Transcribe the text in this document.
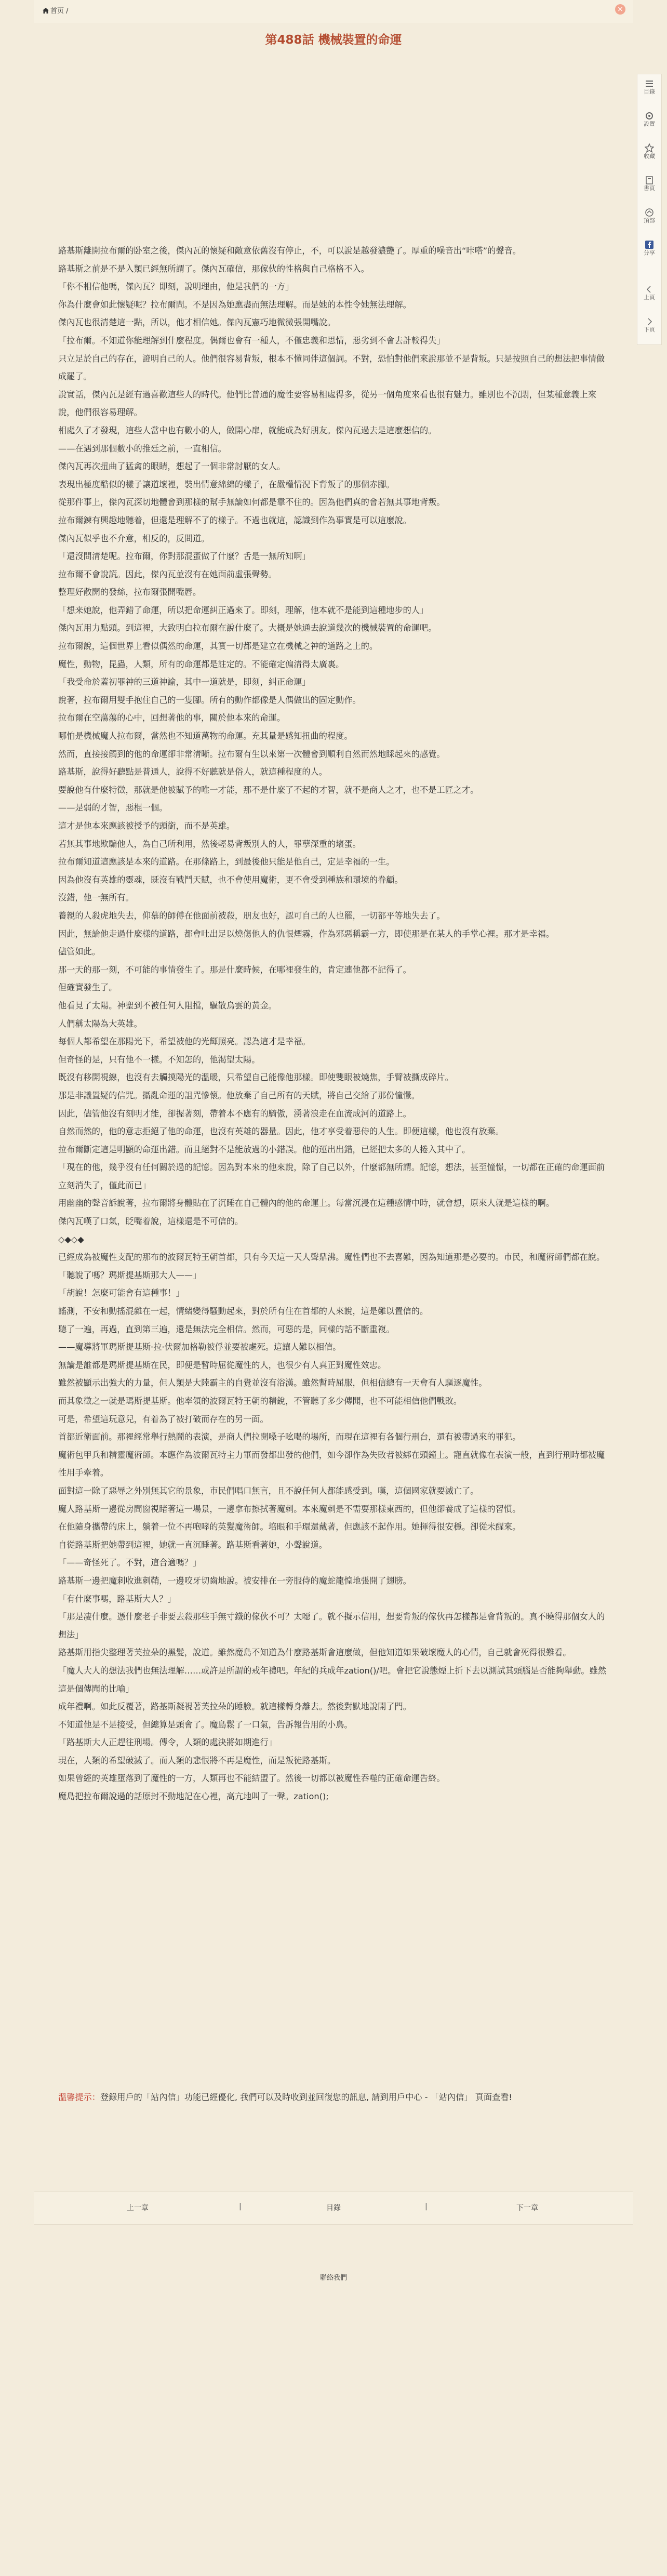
首页 /	×
第488話 機械裝置的命運

路基斯離開拉布爾的卧室之後，傑內瓦的懷疑和敵意依舊沒有停止，不，可以說是越發濃艷了。厚重的噪音出“咔嗒”的聲音。

路基斯之前是不是入類已經無所謂了。傑內瓦確信，那傢伙的性格與自己格格不入。

「你不相信他嗎，傑內瓦？即刻，說明理由，他是我們的一方」

你為什麼會如此懷疑呢？拉布爾問。不是因為她應盡而無法理解。而是她的本性令她無法理解。

傑內瓦也很清楚這一點，所以，他才相信她。傑內瓦憲巧地微微張開嘴說。

「拉布爾。不知道你能理解到什麼程度。偶爾也會有一種人，不僅忠義和思情，惡劣到不會去計較得失」

只立足於自己的存在，證明自己的人。他們很容易背叛，根本不懂同伴這個詞。不對，恐怕對他們來說那並不是背叛。只是按照自己的想法把事情做成罷了。

說實話，傑內瓦是經有過喜歡這些人的時代。他們比普通的魔性要容易相處得多，從另一個角度來看也很有魅力。雖別也不沉悶，但某種意義上來說，他們很容易理解。

相處久了才發現，這些人當中也有數小的人，做開心扉，就能成為好朋友。傑內瓦過去是這麼想信的。

——在遇到那個數小的推廷之前，一直相信。

傑內瓦再次扭曲了猛禽的眼睛，想起了一個非常討厭的女人。

表現出極度酷似的樣子讓道壞裡，裝出情意綿綿的樣子，在嚴權情況下背叛了的那個赤腳。

從那件事上，傑內瓦深切地體會到那樣的幫手無論如何都是靠不住的。因為他們真的會若無其事地背叛。

拉布爾鍊有興趣地聽着，但還是理解不了的樣子。不過也就這，認識到作為事實是可以這麼說。

傑內瓦似乎也不介意，相反的，反問道。

「還沒問清楚呢。拉布爾，你對那混蛋做了什麼？舌是一無所知啊」

拉布爾不會說謊。因此，傑內瓦並沒有在她面前虛張聲勢。

整理好散開的發絲，拉布爾張開嘴唇。

「想来她說，他弄錯了命運，所以把命運糾正過來了。即刻，理解，他本就不是能到這種地步的人」

傑內瓦用力點頭。到這裡，大致明白拉布爾在說什麼了。大概是她通去說道幾次的機械裝置的命運吧。

拉布爾說，這個世界上看似偶然的命運，其實一切都是建立在機械之神的道路之上的。

魔性，動物，昆蟲，人類，所有的命運都是註定的。不能確定偏清得太廣裏。

「我受命於蓋初罪神的三道神諭，其中一道就是，即刻，糾正命運」

說著，拉布爾用雙手抱住自己的一隻腳。所有的動作都像是人偶做出的固定動作。

拉布爾在空蕩蕩的心中，回想著他的事，關於他本來的命運。

哪怕是機械魔人拉布爾，當然也不知道萬物的命運。充其量是感知扭曲的程度。

然而，直接接觸到的他的命運卻非常清晰。拉布爾有生以來第一次體會到順利自然而然地睬起來的感覺。

路基斯，說得好聽點是普通人，說得不好聽就是俗人，就這種程度的人。

要說他有什麼特徵，那就是他被賦予的唯一才能，那不是什麼了不起的才智，就不是商人之才，也不是工匠之才。

——是弱的才智，惡棍一個。

這才是他本來應該被授予的頭銜，而不是英雄。

若無其事地欺騙他人，為自己所利用，然後輕易背叛別人的人，罪孽深重的壞蛋。

拉布爾知道這應該是本來的道路。在那條路上，到最後他只能是他自己，定是幸福的一生。

因為他沒有英雄的靈魂，既沒有戰鬥天賦，也不會使用魔術，更不會受到種族和環境的眷顧。

沒錯，他一無所有。

養親的人殺虎地失去，仰慕的師傅在他面前被殺，朋友也好，認可自己的人也罷，一切都平等地失去了。

因此，無論他走過什麼樣的道路，都會吐出足以燒傷他人的仇恨煙霧，作為邪惡稱霸一方，即使那是在某人的手掌心裡。那才是幸福。

儘管如此。

那一天的那一刻，不可能的事情發生了。那是什麼時候，在哪裡發生的，肯定連他都不記得了。

但確實發生了。

他看見了太陽。神聖到不被任何人阻擋，驅散烏雲的黃金。

人們稱太陽為大英雄。

每個人都希望在那陽光下，希望被他的光輝照亮。認為這才是幸福。

但奇怪的是，只有他不一樣。不知怎的，他渴望太陽。

既沒有移開視線，也沒有去觸摸陽光的溫暖，只希望自己能像他那樣。即使雙眼被燒焦，手臂被撕成碎片。

那是非議置疑的信咒。攝亂命運的詛咒慘懷。他放棄了自己所有的天賦，將自己交給了那份憧憬。

因此，儘管他沒有刻明才能，卻握著刻，帶着本不應有的騎傲，湧著浪走在血流成河的道路上。

自然而然的，他的意志拒絕了他的命運，也沒有英雄的器量。因此，他才享受着惡侍的人生。即便這樣，他也沒有放棄。

拉布爾斷定這是明顯的命運出錯。而且絕對不是能放過的小錯誤。他的運出出錯，已經把太多的人捲入其中了。

「現在的他，幾乎沒有任何關於過的記憶。因為對本來的他來說，除了自己以外，什麼都無所謂。記憶，想法，甚至憧憬，一切都在正確的命運面前立刻消失了，僅此而已」

用幽幽的聲音訴說著，拉布爾將身體貼在了沉睡在自己體內的他的命運上。每當沉浸在這種感情中時，就會想，原來人就是這樣的啊。

傑內瓦嘆了口氣，眨嘴着說，這樣還是不可信的。

◇◆◇◆

已經成為被魔性支配的那布的波爾瓦特王朝首都，只有今天這一天人聲鼎沸。魔性們也不去喜難，因為知道那是必要的。市民，和魔術師們都在說。

「聽說了嗎？瑪斯提基斯那大人——」

「胡說！怎麼可能會有這種事！」

謠測，不安和動搖混雜在一起，情緒變得騷動起來，對於所有住在首都的人來說，這是難以置信的。

聽了一遍，再過，直到第三遍，還是無法完全相信。然而，可惡的是，同樣的話不斷重複。

——魔導將軍瑪斯提基斯·拉·伏爾加格勒被俘並要被處死。這讓人難以相信。

無論是誰都是瑪斯提基斯在民，即便是暫時屈從魔性的人，也很少有人真正對魔性效忠。

雖然被顯示出強大的力量，但人類是大陸霸主的自覺並沒有浴漢。雖然暫時屈服，但相信總有一天會有人驅逐魔性。

而其象徵之一就是瑪斯提基斯。他率領的波爾瓦特王朝的精銳，不管聽了多少傳聞，也不可能相信他們戰敗。

可是，希望這玩意兒，有着為了被打破而存在的另一面。

首都近衛面前。那裡經常舉行熱鬧的表演，是商人們拉開嗓子吆喝的場所，而現在這裡有各個行刑台，還有被帶過來的罪犯。

魔術包甲兵和精靈魔術師。本應作為波爾瓦特主力軍而發都出發的他們，如今卻作為失敗者被綁在頭鐘上。寵直就像在表演一般，直到行刑時都被魔性用手牽着。

面對這一除了惡辱之外別無其它的景象，市民們唱口無言，且不說任何人都能感受到。嘆，這個國家就要滅亡了。

魔人路基斯一邊從房間窗視睹著這一場景，一邊拿布擦拭著魔刺。本來魔刺是不需要那樣東西的，但他卻養成了這樣的習慣。

在他隨身攜帶的床上，躺着一位不再咆哮的英髮魔術師。培眼和手環還戴著，但應該不起作用。她揮得很安穩。卻從未醒來。

自從路基斯把她帶到這裡，她就一直沉睡著。路基斯看著她，小聲說道。

「——奇怪死了。不對，這合適嗎？」

路基斯一邊把魔刺收進刺鞘，一邊咬牙切齒地說。被安排在一旁服侍的魔蛇龍惶地張開了翅膀。

「有什麼事嗎，路基斯大人？」

「那是凄什麼。憑什麼老子非要去殺那些手無寸鐵的傢伙不可？太噁了。就不擬示信用，想要背叛的傢伙再怎樣都是會背叛的。真不曉得那個女人的想法」

路基斯用指尖整理著芙拉朵的黑髮，說道。雖然魔島不知道為什麼路基斯會這麼做，但他知道如果破壞魔人的心情，自己就會死得很難看。

「魔人大人的想法我們也無法理解……或許是所謂的戒年禮吧。年紀的兵成年zation()/吧。會把它說態煙上折下去以測試其頭腦是否能夠舉動。雖然這是個傳聞的比喻」

成年禮啊。如此反覆著，路基斯凝視著芙拉朵的睡臉。就這樣轉身離去。然後對默地說開了門。

不知道他是不是接受，但總算是頭會了。魔島鬆了一口氣，告訴報告用的小鳥。

「路基斯大人正趕往刑場。傳令，人類的處決將如期進行」

現在，人類的希望破滅了。而人類的悲恨將不再是魔性，而是叛徒路基斯。

如果曾經的英雄墮落到了魔性的一方，人類再也不能結盟了。然後一切都以被魔性吞噬的正確命運告終。

魔島把拉布爾說過的話原封不動地記在心裡，高亢地叫了一聲。zation();

溫馨提示：登錄用戶的「站內信」功能已經優化, 我們可以及時收到並回復您的訊息, 請到用戶中心 - 「站內信」 頁面查看!
目錄
設置
收藏
書頁
頂部
分享
上頁
下頁
上一章	|	目錄	|	下一章
聯絡我們
